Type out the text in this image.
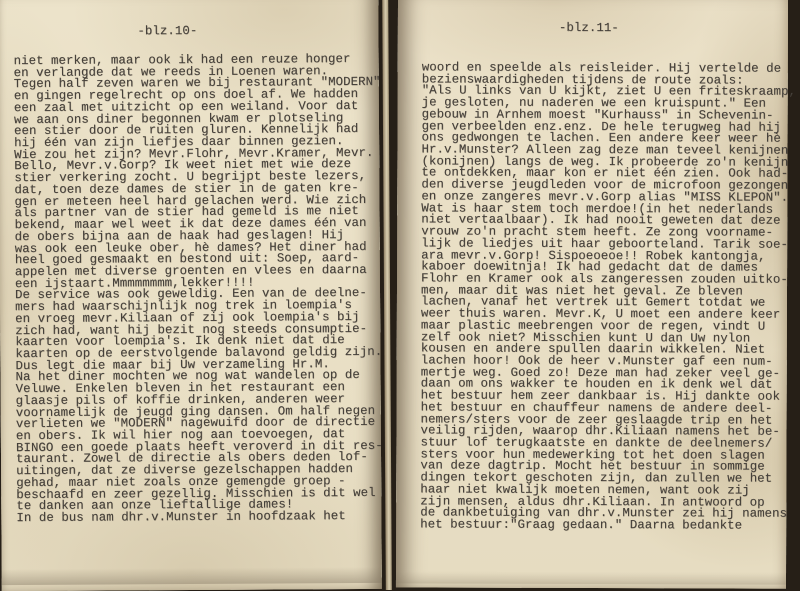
-blz.10-
niet merken, maar ook ik had een reuze honger
en verlangde dat we reeds in Loenen waren.
Tegen half zeven waren we bij restaurant "MODERN"
en gingen regelrecht op ons doel af. We hadden
een zaal met uitzicht op een weiland. Voor dat
we aan ons diner begonnen kwam er plotseling
een stier door de ruiten gluren. Kennelijk had
hij één van zijn liefjes daar binnen gezien.
Wie zou het zijn? Mevr.Flohr, Mevr.Kramer, Mevr.
Bello, Mevr.v.Gorp? Ik weet niet met wie deze
stier verkering zocht. U begrijpt beste lezers,
dat, toen deze dames de stier in de gaten kre-
gen er meteen heel hard gelachen werd. Wie zich
als partner van de stier had gemeld is me niet
bekend, maar wel weet ik dat deze dames één van
de obers bijna aan de haak had geslagen! Hij
was ook een leuke ober, hè dames? Het diner had
heel goed gesmaakt en bestond uit: Soep, aard-
appelen met diverse groenten en vlees en daarna
een ijstaart.Mmmmmmmm,lekker!!!!
De service was ook geweldig. Een van de deelne-
mers had waarschijnlijk nog trek in loempia's
en vroeg mevr.Kiliaan of zij ook loempia's bij
zich had, want hij bezit nog steeds consumptie-
kaarten voor loempia's. Ik denk niet dat die
kaarten op de eerstvolgende balavond geldig zijn.
Dus legt die maar bij Uw verzameling Hr.M.
Na het diner mochten we nog wat wandelen op de
Veluwe. Enkelen bleven in het restaurant een
glaasje pils of koffie drinken, anderen weer
voornamelijk de jeugd ging dansen. Om half negen
verlieten we "MODERN" nagewuifd door de directie
en obers. Ik wil hier nog aan toevoegen, dat
BINGO een goede plaats heeft veroverd in dit res-
taurant. Zowel de directie als obers deden lof-
uitingen, dat ze diverse gezelschappen hadden
gehad, maar niet zoals onze gemengde groep -
beschaafd en zeer gezellig. Misschien is dit wel
te danken aan onze lieftallige dames!
In de bus nam dhr.v.Munster in hoofdzaak het
-blz.11-
woord en speelde als reisleider. Hij vertelde de
bezienswaardigheden tijdens de route zoals:
"Als U links van U kijkt, ziet U een friteskraamp,
je gesloten, nu naderen we een kruispunt." Een
gebouw in Arnhem moest "Kurhauss" in Schevenin-
gen verbeelden enz.enz. De hele terugweg had hij
ons gedwongen te lachen. Een andere keer weer hè
Hr.v.Munster? Alleen zag deze man teveel kenijnen
(konijnen) langs de weg. Ik probeerde zo'n kenijn
te ontdekken, maar kon er niet één zien. Ook had-
den diverse jeugdleden voor de microfoon gezongen
en onze zangeres mevr.v.Gorp alias "MISS KLEPON".
Wat is haar stem toch merdoe!(in het nederlands
niet vertaalbaar). Ik had nooit geweten dat deze
vrouw zo'n pracht stem heeft. Ze zong voorname-
lijk de liedjes uit haar geboorteland. Tarik soe-
ara mevr.v.Gorp! Sispoeoeoe!! Robek kantongja,
kaboer doewitnja! Ik had gedacht dat de dames
Flohr en Kramer ook als zangeressen zouden uitko-
men, maar dit was niet het geval. Ze bleven
lachen, vanaf het vertrek uit Gemert totdat we
weer thuis waren. Mevr.K, U moet een andere keer
maar plastic meebrengen voor de regen, vindt U
zelf ook niet? Misschien kunt U dan Uw nylon
kousen en andere spullen daarin wikkelen. Niet
lachen hoor! Ook de heer v.Munster gaf een num-
mertje weg. Goed zo! Deze man had zeker veel ge-
daan om ons wakker te houden en ik denk wel dat
het bestuur hem zeer dankbaar is. Hij dankte ook
het bestuur en chauffeur namens de andere deel-
nemers/sters voor de zeer geslaagde trip en het
veilig rijden, waarop dhr.Kiliaan namens het be-
stuur lof terugkaatste en dankte de deelnemers/
sters voor hun medewerking tot het doen slagen
van deze dagtrip. Mocht het bestuur in sommige
dingen tekort geschoten zijn, dan zullen we het
haar niet kwalijk moeten nemen, want ook zij
zijn mensen, aldus dhr.Kiliaan. In antwoord op
de dankbetuiging van dhr.v.Munster zei hij namens
het bestuur:"Graag gedaan." Daarna bedankte
